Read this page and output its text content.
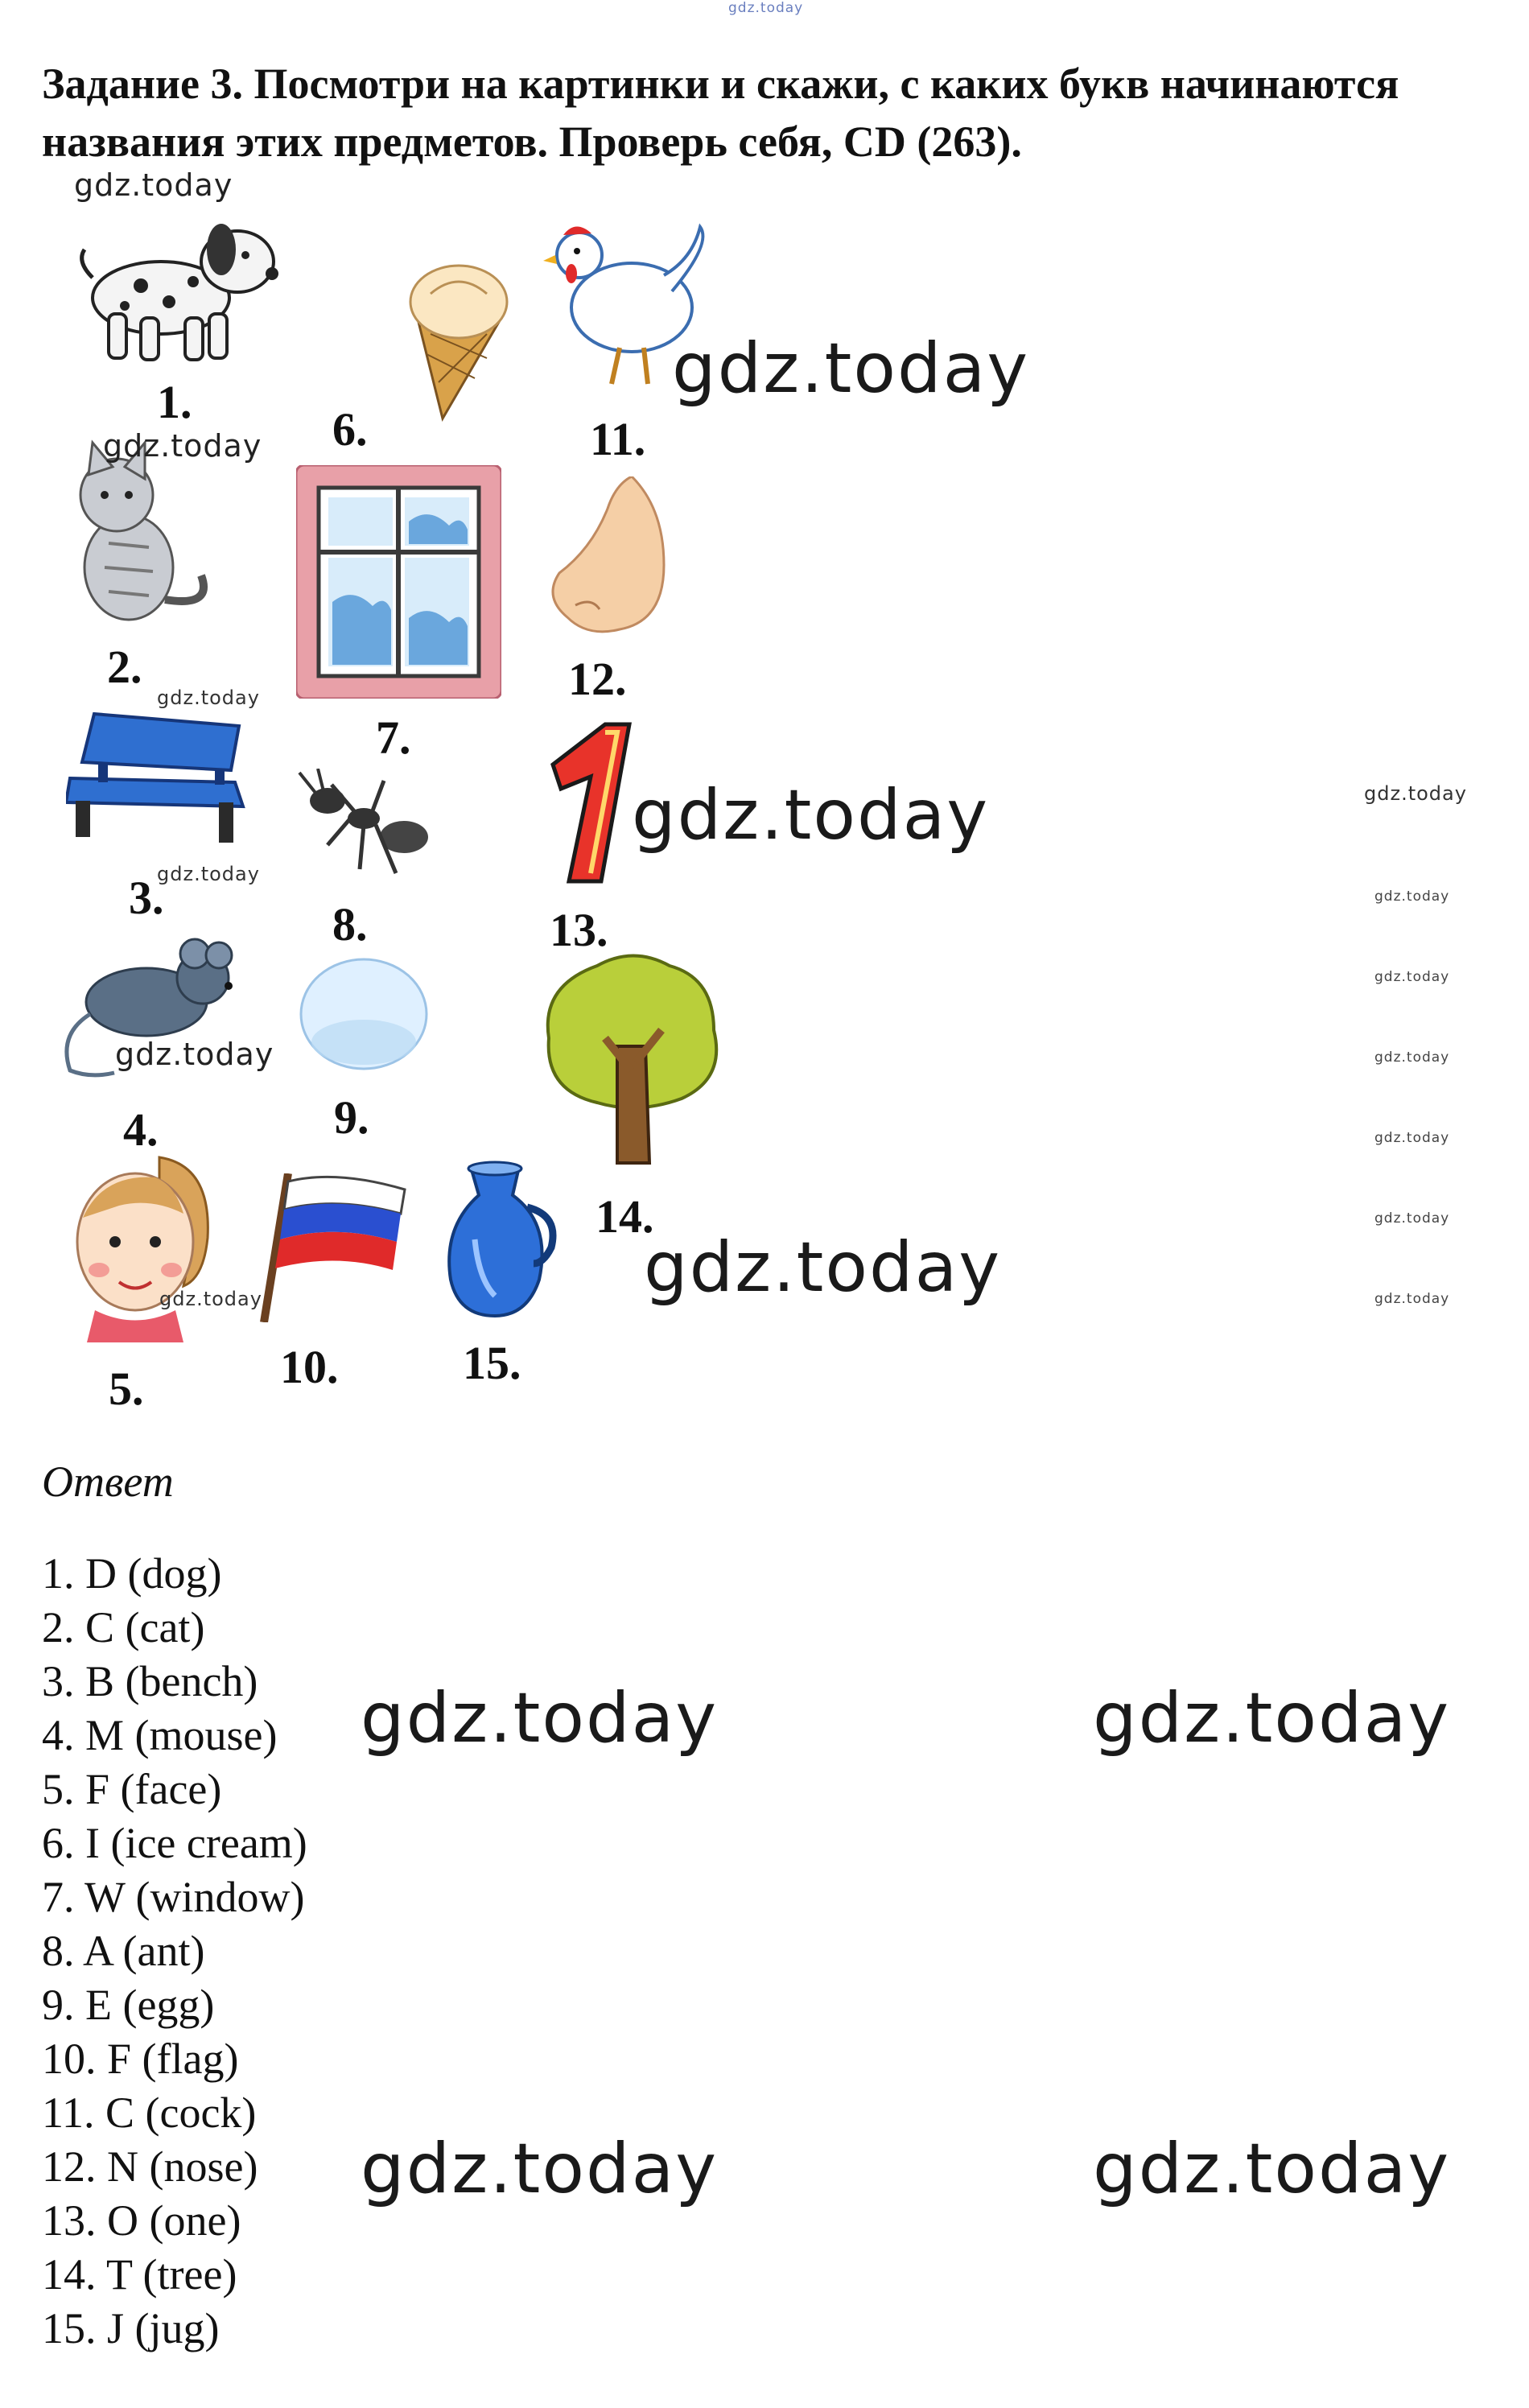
gdz.today

Задание 3. Посмотри на картинки и скажи, с каких букв начинаются названия этих предметов. Проверь себя, CD (263).

1.
2.
3.
4.
5.
6.
7.
8.
9.
10.
11.
12.
13.
14.
15.
gdz.today
gdz.today
gdz.today
gdz.today
gdz.today
gdz.today
gdz.today
gdz.today
gdz.today
gdz.today
gdz.today
gdz.today
gdz.today
gdz.today
gdz.today
gdz.today

Ответ

1. D (dog)
2. C (cat)
3. B (bench)
4. M (mouse)
5. F (face)
6. I (ice cream)
7. W (window)
8. A (ant)
9. E (egg)
10. F (flag)
11. C (cock)
12. N (nose)
13. O (one)
14. T (tree)
15. J (jug)
gdz.today	gdz.today
gdz.today	gdz.today
